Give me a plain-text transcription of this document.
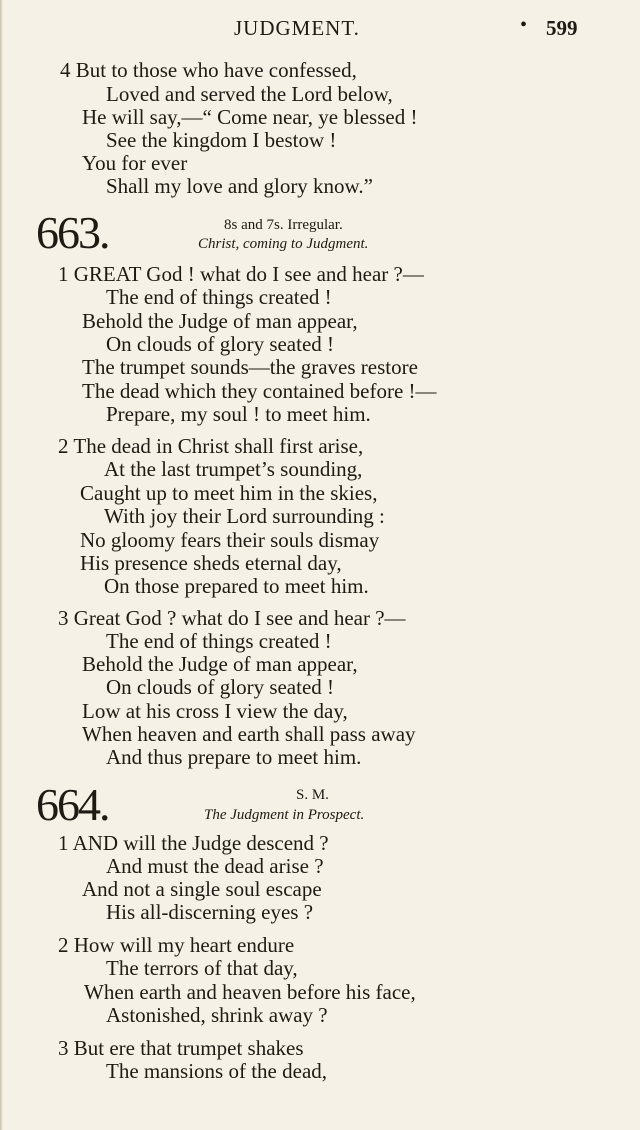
JUDGMENT.	• 599
4 But to those who have confessed,
Loved and served the Lord below,
He will say,—“ Come near, ye blessed !
See the kingdom I bestow !
You for ever
Shall my love and glory know.”
663.	8s and 7s. Irregular.
Christ, coming to Judgment.
1 GREAT God ! what do I see and hear ?—
The end of things created !
Behold the Judge of man appear,
On clouds of glory seated !
The trumpet sounds—the graves restore
The dead which they contained before !—
Prepare, my soul ! to meet him.
2 The dead in Christ shall first arise,
At the last trumpet’s sounding,
Caught up to meet him in the skies,
With joy their Lord surrounding :
No gloomy fears their souls dismay
His presence sheds eternal day,
On those prepared to meet him.
3 Great God ? what do I see and hear ?—
The end of things created !
Behold the Judge of man appear,
On clouds of glory seated !
Low at his cross I view the day,
When heaven and earth shall pass away
And thus prepare to meet him.
664.	S. M.
The Judgment in Prospect.
1 AND will the Judge descend ?
And must the dead arise ?
And not a single soul escape
His all-discerning eyes ?
2 How will my heart endure
The terrors of that day,
When earth and heaven before his face,
Astonished, shrink away ?
3 But ere that trumpet shakes
The mansions of the dead,
